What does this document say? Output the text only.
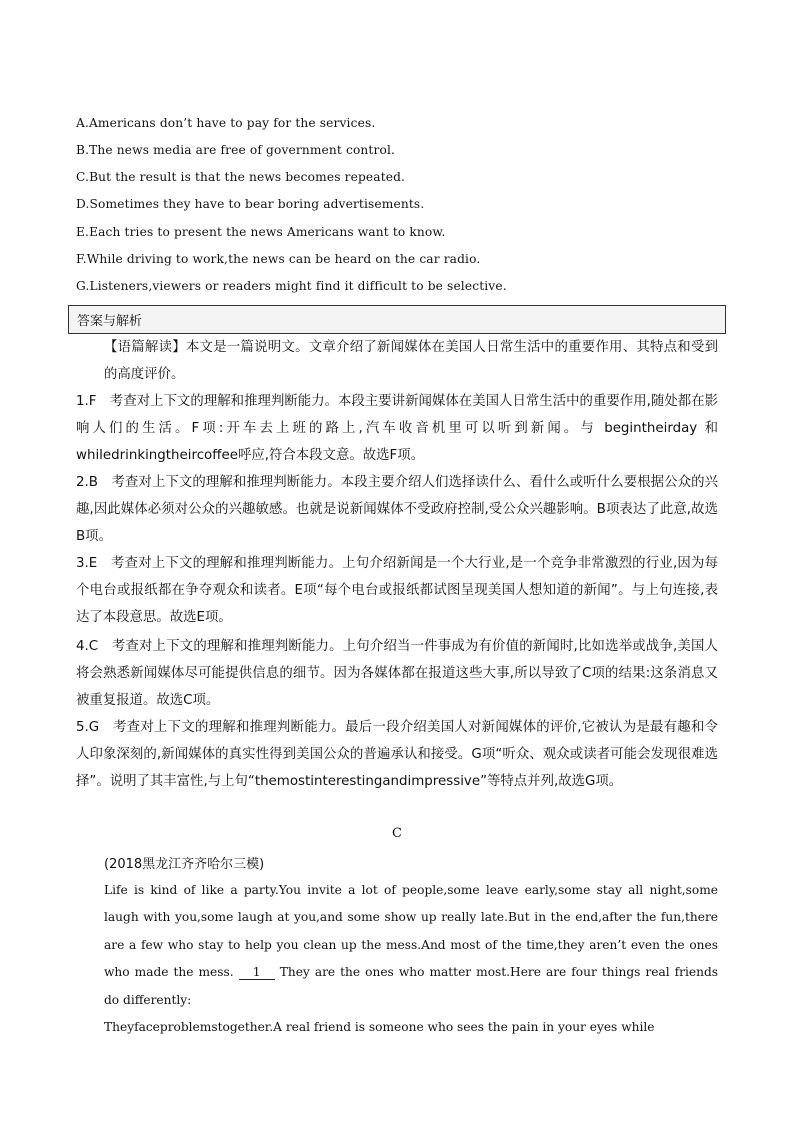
A.Americans don’t have to pay for the services.
B.The news media are free of government control.
C.But the result is that the news becomes repeated.
D.Sometimes they have to bear boring advertisements.
E.Each tries to present the news Americans want to know.
F.While driving to work,the news can be heard on the car radio.
G.Listeners,viewers or readers might find it difficult to be selective.
答案与解析
【语篇解读】本文是一篇说明文。文章介绍了新闻媒体在美国人日常生活中的重要作用、其特点和受到的高度评价。
1.F　考查对上下文的理解和推理判断能力。本段主要讲新闻媒体在美国人日常生活中的重要作用,随处都在影响人们的生活。F项:开车去上班的路上,汽车收音机里可以听到新闻。与 begintheirday 和 whiledrinkingtheircoffee呼应,符合本段文意。故选F项。
2.B　考查对上下文的理解和推理判断能力。本段主要介绍人们选择读什么、看什么或听什么要根据公众的兴趣,因此媒体必须对公众的兴趣敏感。也就是说新闻媒体不受政府控制,受公众兴趣影响。B项表达了此意,故选B项。
3.E　考查对上下文的理解和推理判断能力。上句介绍新闻是一个大行业,是一个竞争非常激烈的行业,因为每个电台或报纸都在争夺观众和读者。E项“每个电台或报纸都试图呈现美国人想知道的新闻”。与上句连接,表达了本段意思。故选E项。
4.C　考查对上下文的理解和推理判断能力。上句介绍当一件事成为有价值的新闻时,比如选举或战争,美国人将会熟悉新闻媒体尽可能提供信息的细节。因为各媒体都在报道这些大事,所以导致了C项的结果:这条消息又被重复报道。故选C项。
5.G　考查对上下文的理解和推理判断能力。最后一段介绍美国人对新闻媒体的评价,它被认为是最有趣和令人印象深刻的,新闻媒体的真实性得到美国公众的普遍承认和接受。G项“听众、观众或读者可能会发现很难选择”。说明了其丰富性,与上句“themostinterestingandimpressive”等特点并列,故选G项。
C
(2018黑龙江齐齐哈尔三模)
Life is kind of like a party.You invite a lot of people,some leave early,some stay all night,some laugh with you,some laugh at you,and some show up really late.But in the end,after the fun,there are a few who stay to help you clean up the mess.And most of the time,they aren’t even the ones who made the mess. 1 They are the ones who matter most.Here are four things real friends do differently:
Theyfaceproblemstogether.A real friend is someone who sees the pain in your eyes while
